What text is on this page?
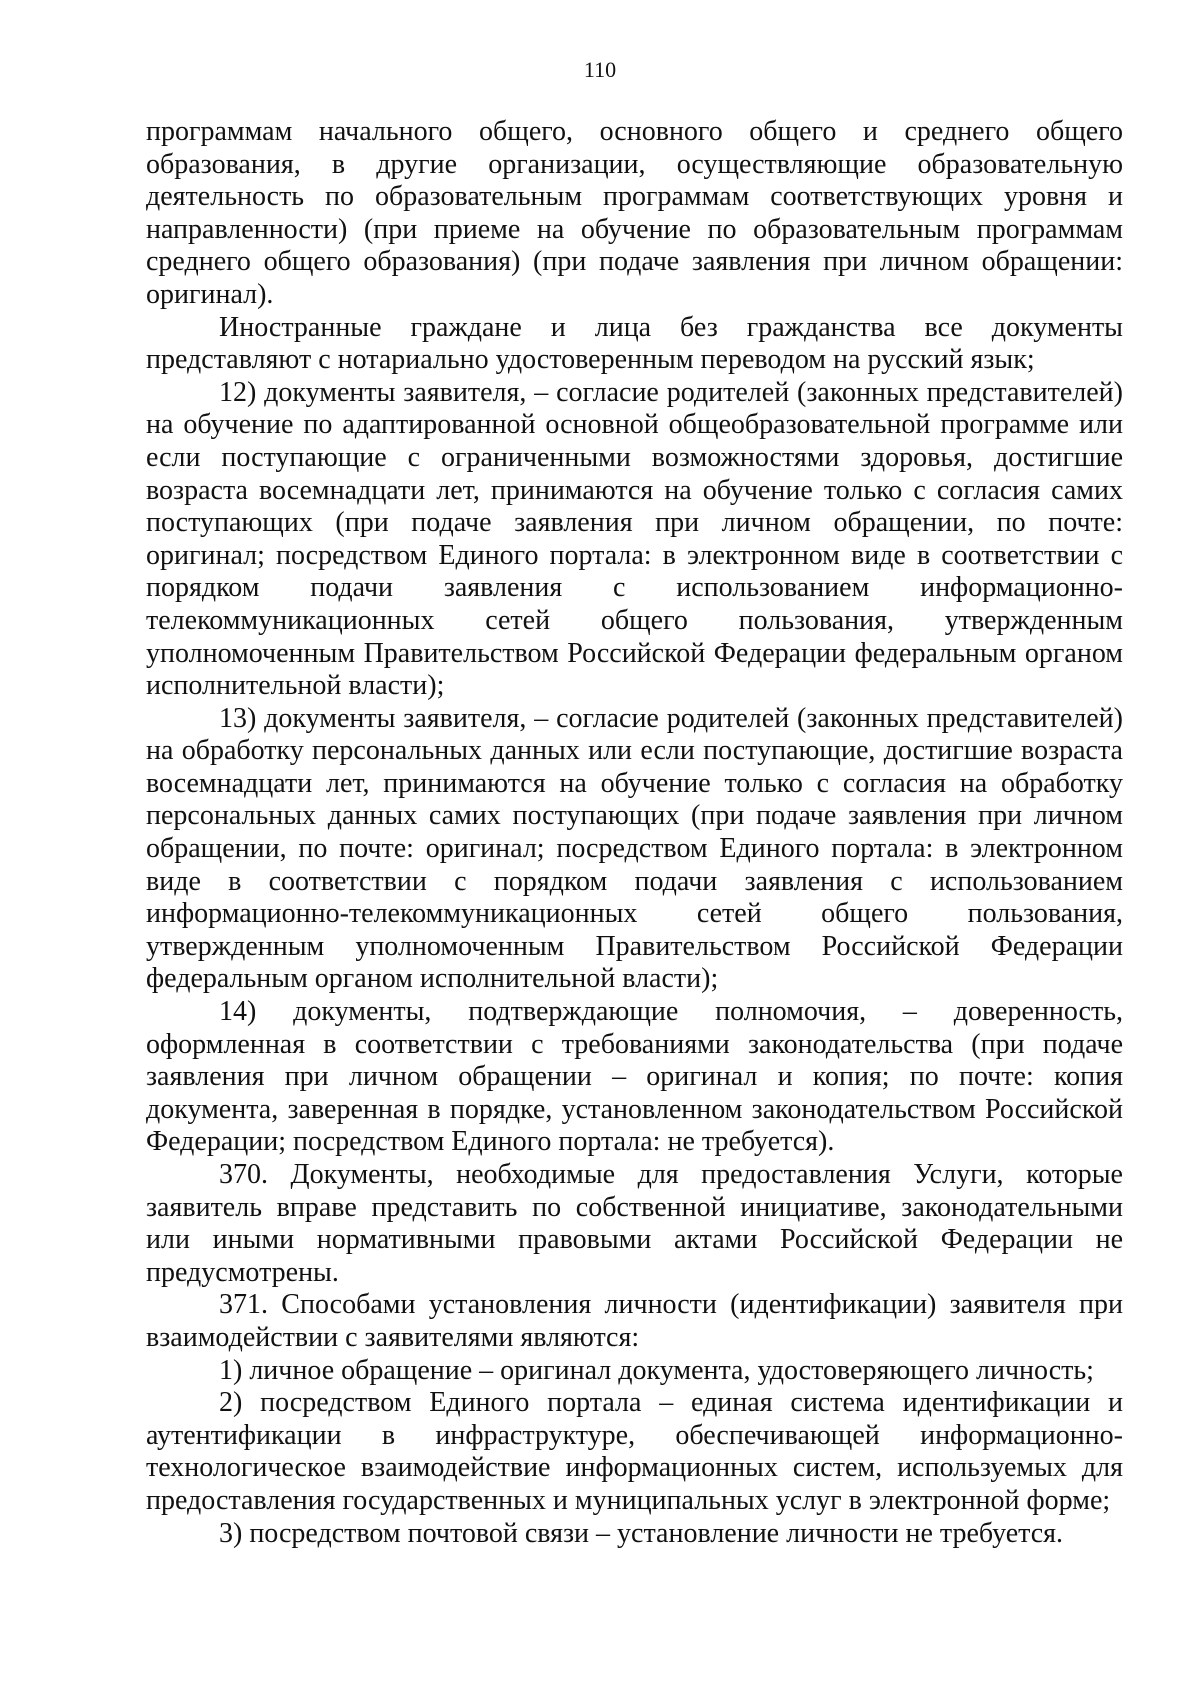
110

программам начального общего, основного общего и среднего общего образования, в другие организации, осуществляющие образовательную деятельность по образовательным программам соответствующих уровня и направленности) (при приеме на обучение по образовательным программам среднего общего образования) (при подаче заявления при личном обращении: оригинал).

Иностранные граждане и лица без гражданства все документы представляют с нотариально удостоверенным переводом на русский язык;

12) документы заявителя, – согласие родителей (законных представителей) на обучение по адаптированной основной общеобразовательной программе или если поступающие с ограниченными возможностями здоровья, достигшие возраста восемнадцати лет, принимаются на обучение только с согласия самих поступающих (при подаче заявления при личном обращении, по почте: оригинал; посредством Единого портала: в электронном виде в соответствии с порядком подачи заявления с использованием информационно-телекоммуникационных сетей общего пользования, утвержденным уполномоченным Правительством Российской Федерации федеральным органом исполнительной власти);

13) документы заявителя, – согласие родителей (законных представителей) на обработку персональных данных или если поступающие, достигшие возраста восемнадцати лет, принимаются на обучение только с согласия на обработку персональных данных самих поступающих (при подаче заявления при личном обращении, по почте: оригинал; посредством Единого портала: в электронном виде в соответствии с порядком подачи заявления с использованием информационно-телекоммуникационных сетей общего пользования, утвержденным уполномоченным Правительством Российской Федерации федеральным органом исполнительной власти);

14) документы, подтверждающие полномочия, – доверенность, оформленная в соответствии с требованиями законодательства (при подаче заявления при личном обращении – оригинал и копия; по почте: копия документа, заверенная в порядке, установленном законодательством Российской Федерации; посредством Единого портала: не требуется).

370. Документы, необходимые для предоставления Услуги, которые заявитель вправе представить по собственной инициативе, законодательными или иными нормативными правовыми актами Российской Федерации не предусмотрены.

371. Способами установления личности (идентификации) заявителя при взаимодействии с заявителями являются:

1) личное обращение – оригинал документа, удостоверяющего личность;

2) посредством Единого портала – единая система идентификации и аутентификации в инфраструктуре, обеспечивающей информационно-технологическое взаимодействие информационных систем, используемых для предоставления государственных и муниципальных услуг в электронной форме;

3) посредством почтовой связи – установление личности не требуется.
